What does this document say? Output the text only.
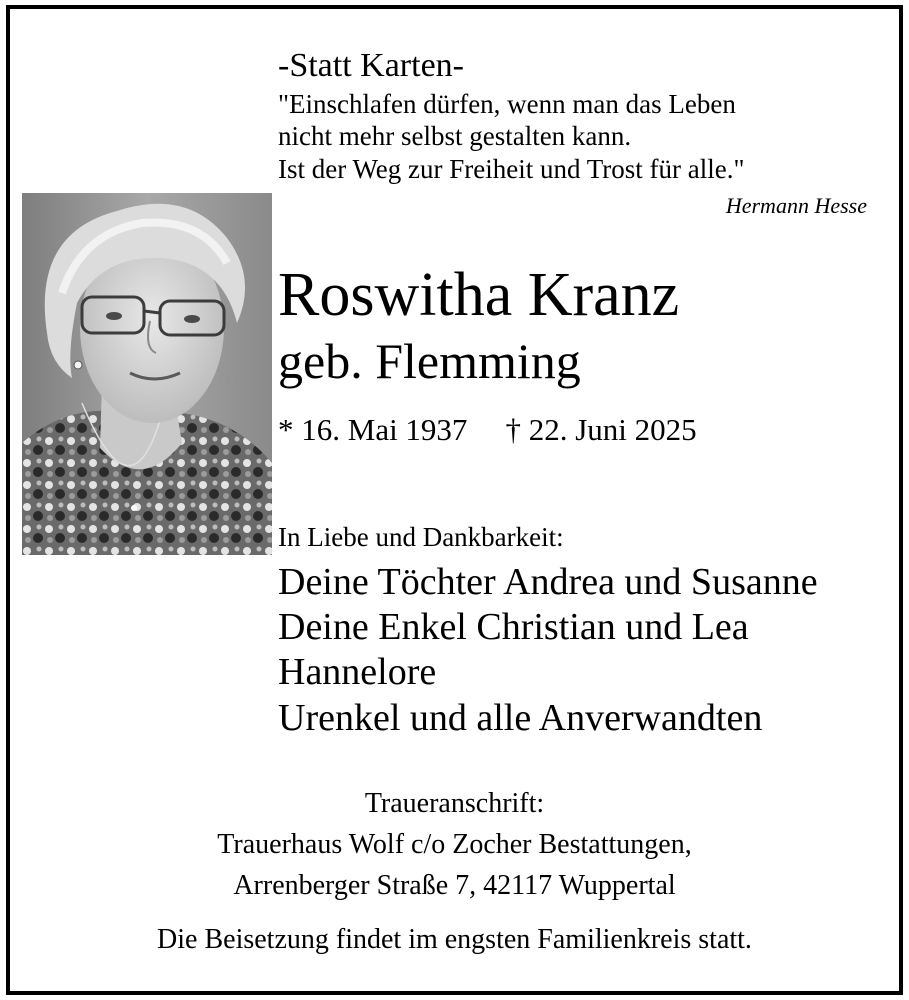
-Statt Karten-
"Einschlafen dürfen, wenn man das Leben
nicht mehr selbst gestalten kann.
Ist der Weg zur Freiheit und Trost für alle."
Hermann Hesse
Roswitha Kranz
geb. Flemming
* 16. Mai 1937 † 22. Juni 2025
In Liebe und Dankbarkeit:
Deine Töchter Andrea und Susanne
Deine Enkel Christian und Lea
Hannelore
Urenkel und alle Anverwandten
Traueranschrift:
Trauerhaus Wolf c/o Zocher Bestattungen,
Arrenberger Straße 7, 42117 Wuppertal
Die Beisetzung findet im engsten Familienkreis statt.
